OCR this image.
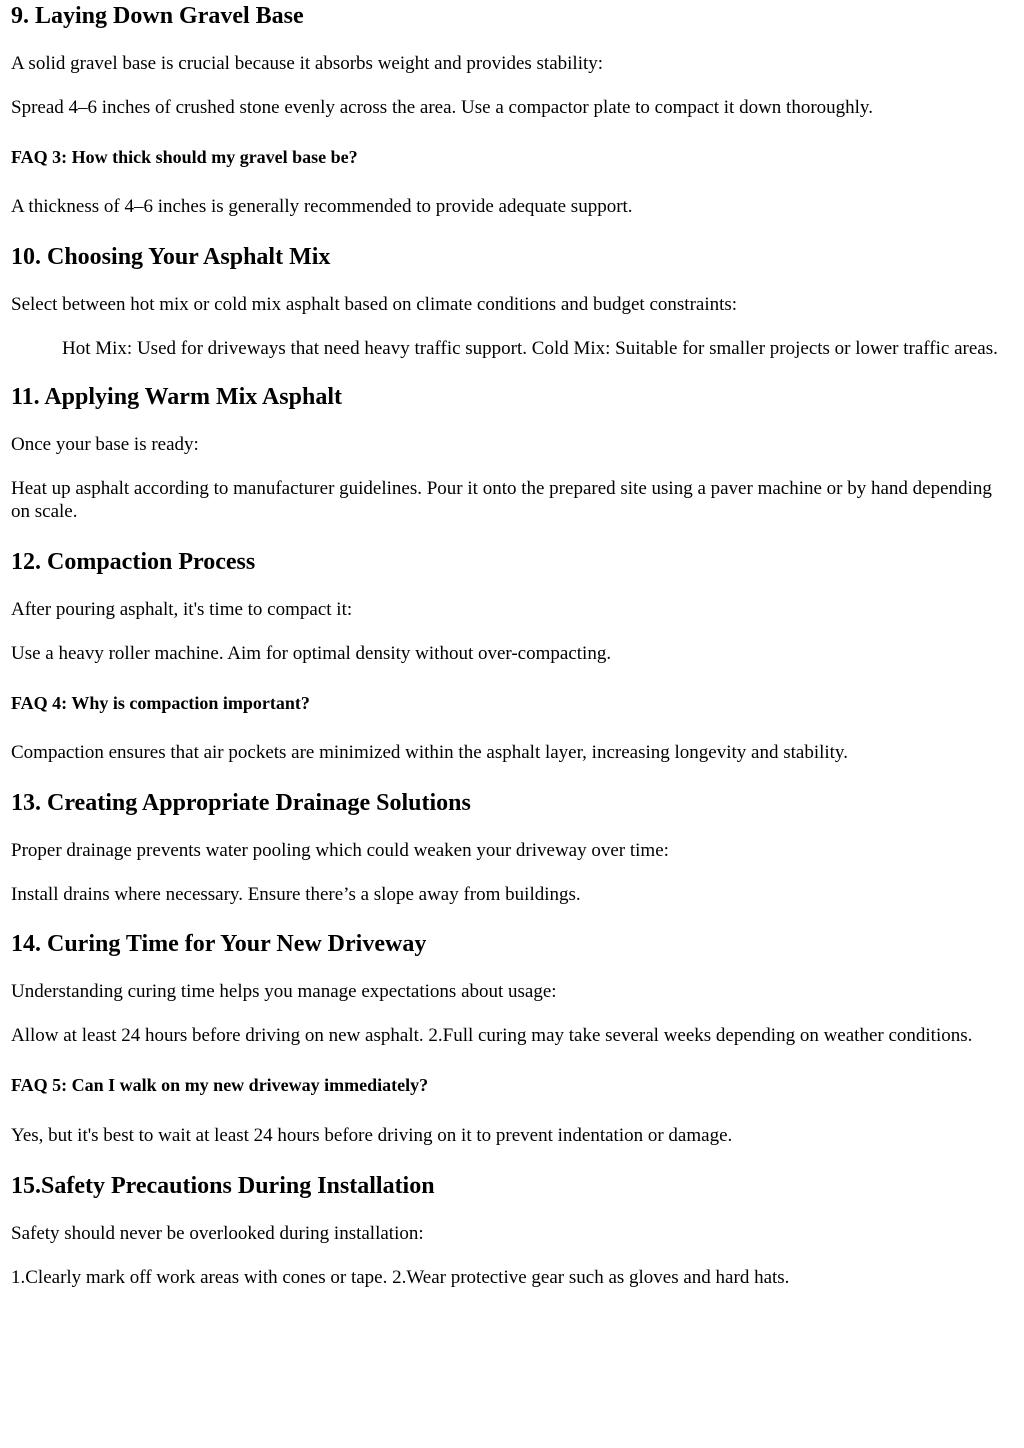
9. Laying Down Gravel Base

A solid gravel base is crucial because it absorbs weight and provides stability:

Spread 4–6 inches of crushed stone evenly across the area. Use a compactor plate to compact it down thoroughly.

FAQ 3: How thick should my gravel base be?

A thickness of 4–6 inches is generally recommended to provide adequate support.

10. Choosing Your Asphalt Mix

Select between hot mix or cold mix asphalt based on climate conditions and budget constraints:

Hot Mix: Used for driveways that need heavy traffic support. Cold Mix: Suitable for smaller projects or lower traffic areas.
11. Applying Warm Mix Asphalt

Once your base is ready:

Heat up asphalt according to manufacturer guidelines. Pour it onto the prepared site using a paver machine or by hand depending on scale.

12. Compaction Process

After pouring asphalt, it's time to compact it:

Use a heavy roller machine. Aim for optimal density without over-compacting.

FAQ 4: Why is compaction important?

Compaction ensures that air pockets are minimized within the asphalt layer, increasing longevity and stability.

13. Creating Appropriate Drainage Solutions

Proper drainage prevents water pooling which could weaken your driveway over time:

Install drains where necessary. Ensure there’s a slope away from buildings.

14. Curing Time for Your New Driveway

Understanding curing time helps you manage expectations about usage:

Allow at least 24 hours before driving on new asphalt. 2.Full curing may take several weeks depending on weather conditions.

FAQ 5: Can I walk on my new driveway immediately?

Yes, but it's best to wait at least 24 hours before driving on it to prevent indentation or damage.

15.Safety Precautions During Installation

Safety should never be overlooked during installation:

1.Clearly mark off work areas with cones or tape. 2.Wear protective gear such as gloves and hard hats.
